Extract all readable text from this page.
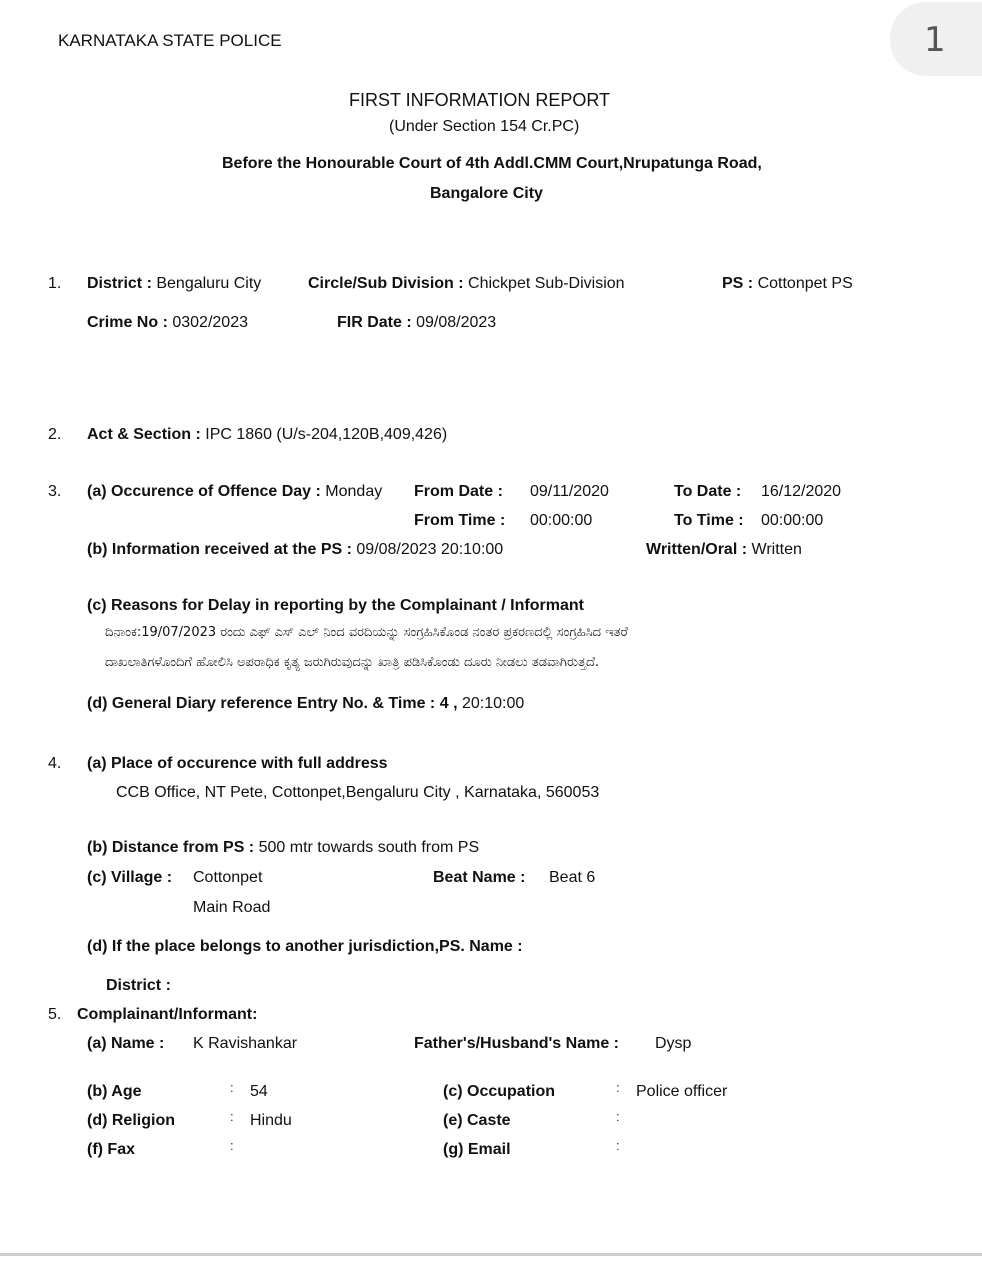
KARNATAKA STATE POLICE	1
FIRST INFORMATION REPORT
(Under Section 154 Cr.PC)
Before the Honourable Court of 4th Addl.CMM Court,Nrupatunga Road,
Bangalore City
1. District : Bengaluru City	Circle/Sub Division : Chickpet Sub-Division	PS : Cottonpet PS
Crime No : 0302/2023	FIR Date : 09/08/2023
2. Act & Section : IPC 1860 (U/s-204,120B,409,426)
3. (a) Occurence of Offence Day : Monday From Date : 09/11/2020	To Date : 16/12/2020
From Time : 00:00:00	To Time : 00:00:00
(b) Information received at the PS : 09/08/2023 20:10:00	Written/Oral : Written
(c) Reasons for Delay in reporting by the Complainant / Informant
ದಿನಾಂಕ:19/07/2023 ರಂದು ಎಫ್ ಎಸ್ ಎಲ್ ನಿಂದ ವರದಿಯನ್ನು ಸಂಗ್ರಹಿಸಿಕೊಂಡ ನಂತರ ಪ್ರಕರಣದಲ್ಲಿ ಸಂಗ್ರಹಿಸಿದ ಇತರೆ
ದಾಖಲಾತಿಗಳೊಂದಿಗೆ ಹೋಲಿಸಿ ಅಪರಾಧಿಕ ಕೃತ್ಯ ಜರುಗಿರುವುದನ್ನು ಖಾತ್ರಿ ಪಡಿಸಿಕೊಂಡು ದೂರು ನೀಡಲು ತಡವಾಗಿರುತ್ತದೆ.
(d) General Diary reference Entry No. & Time : 4 , 20:10:00
4. (a) Place of occurence with full address
CCB Office, NT Pete, Cottonpet,Bengaluru City , Karnataka, 560053
(b) Distance from PS : 500 mtr towards south from PS
(c) Village : Cottonpet
Main Road
Beat Name : Beat 6
(d) If the place belongs to another jurisdiction,PS. Name :
District :
5. Complainant/Informant:
(a) Name : K Ravishankar	Father's/Husband's Name : Dysp
(b) Age	: 54	(c) Occupation	: Police officer
(d) Religion	: Hindu	(e) Caste	:
(f) Fax	:	(g) Email	:
